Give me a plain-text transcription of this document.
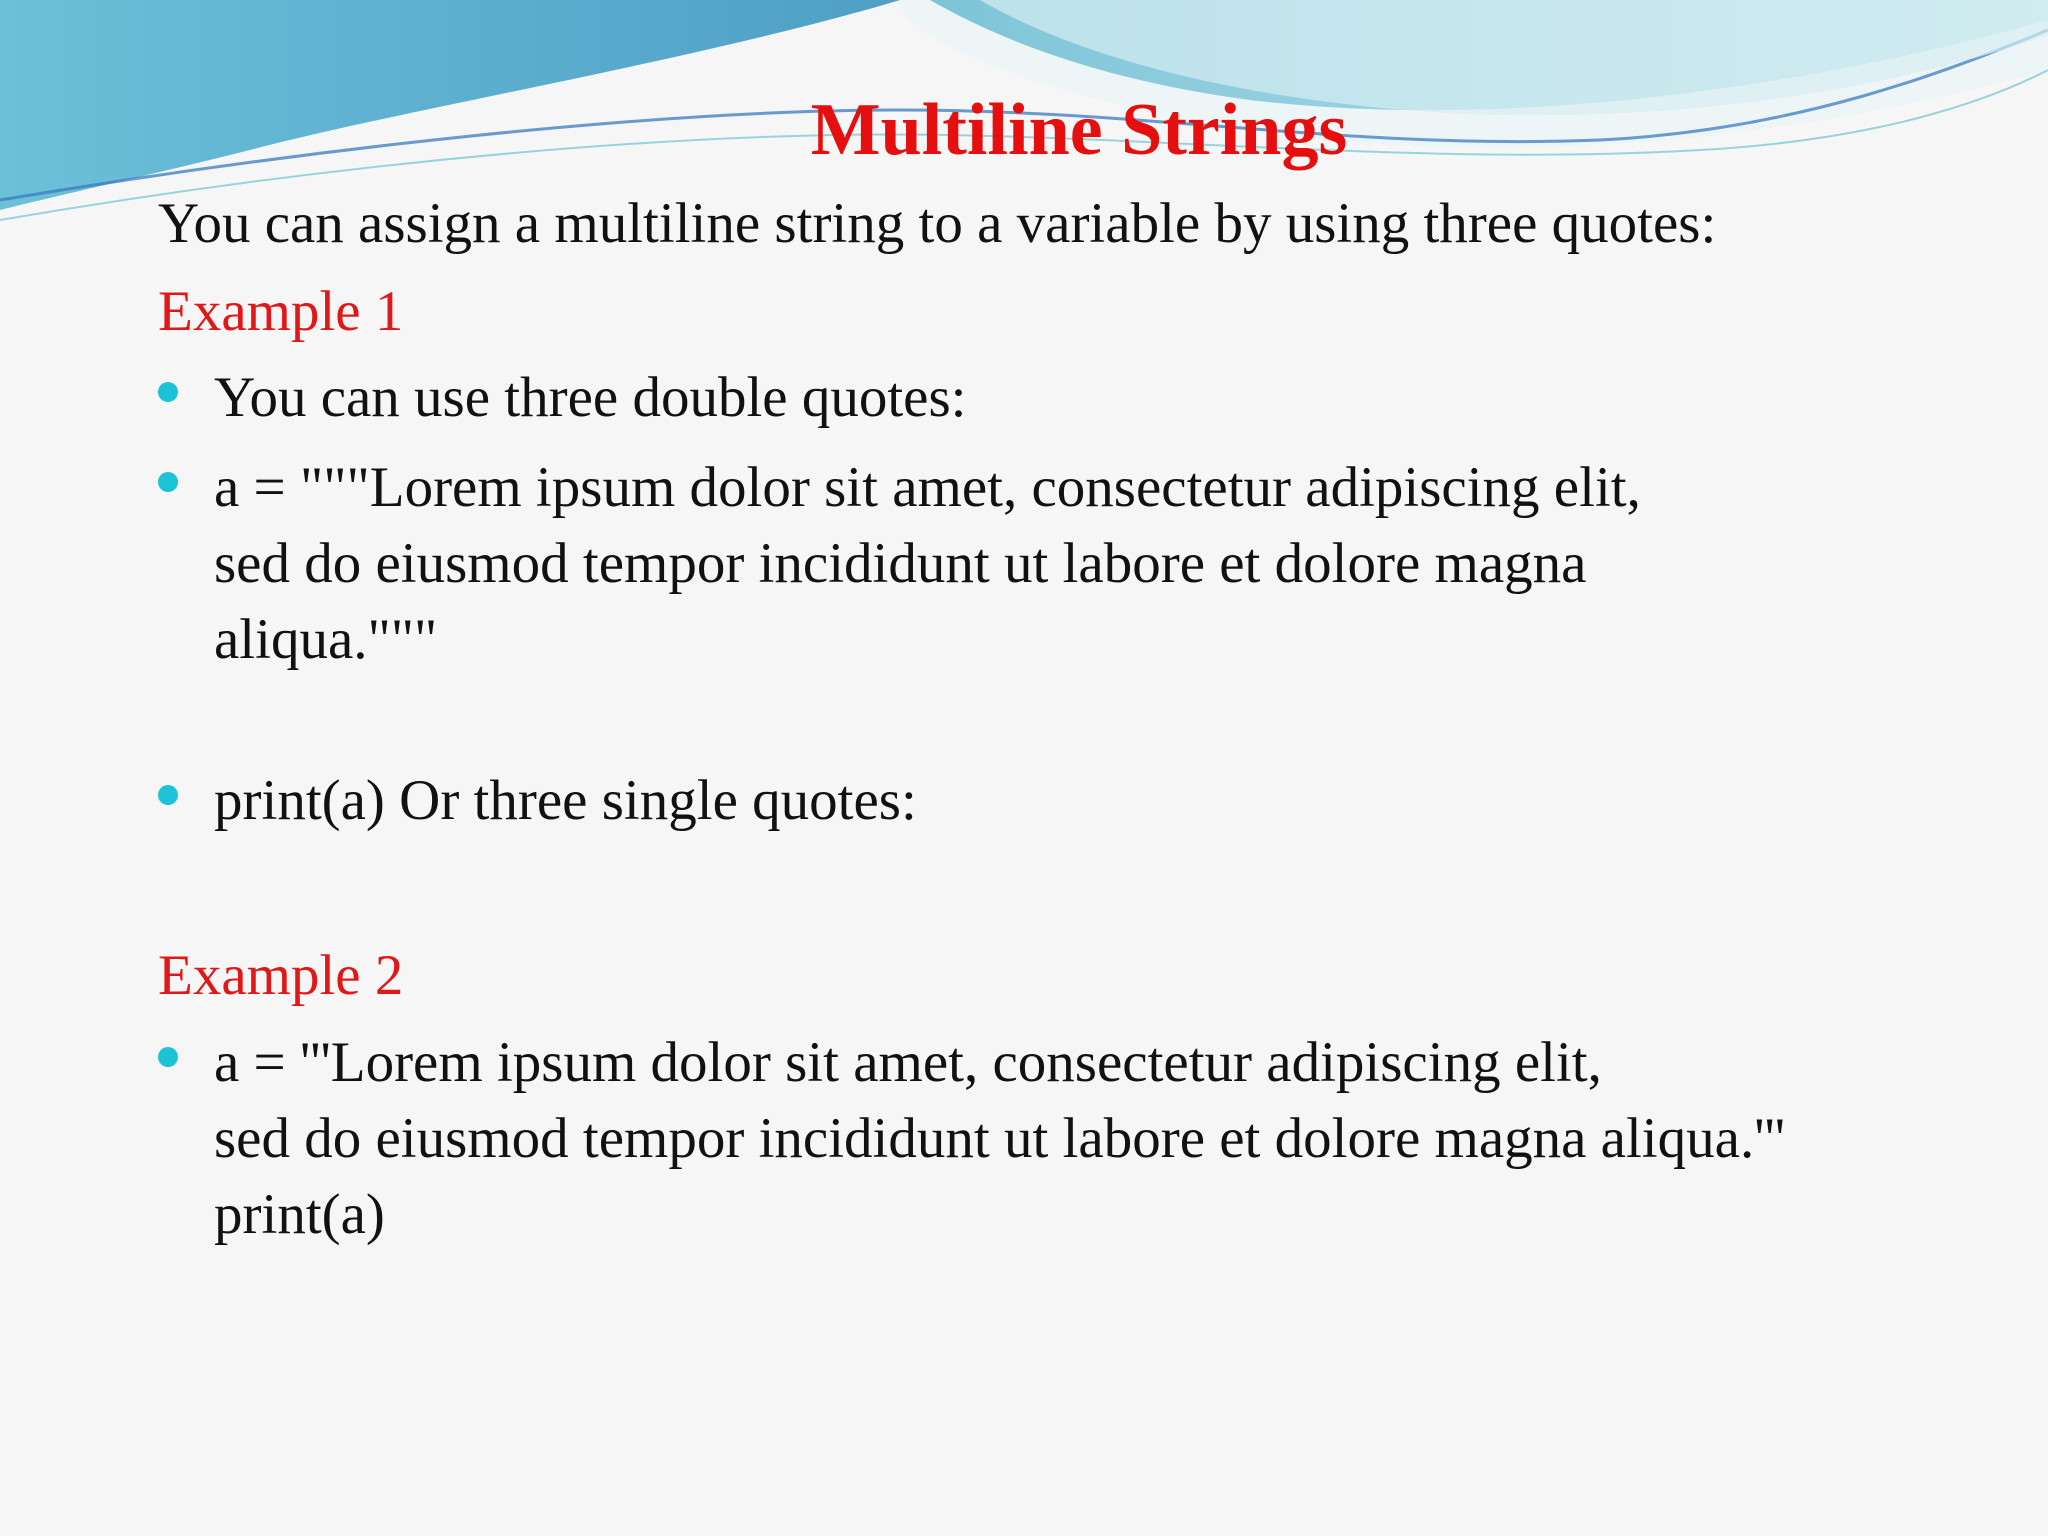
Multiline Strings

You can assign a multiline string to a variable by using three quotes:

Example 1

You can use three double quotes:
a = """Lorem ipsum dolor sit amet, consectetur adipiscing elit,
sed do eiusmod tempor incididunt ut labore et dolore magna
aliqua."""
print(a) Or three single quotes:

Example 2

a = '''Lorem ipsum dolor sit amet, consectetur adipiscing elit,
sed do eiusmod tempor incididunt ut labore et dolore magna aliqua.'''
print(a)
